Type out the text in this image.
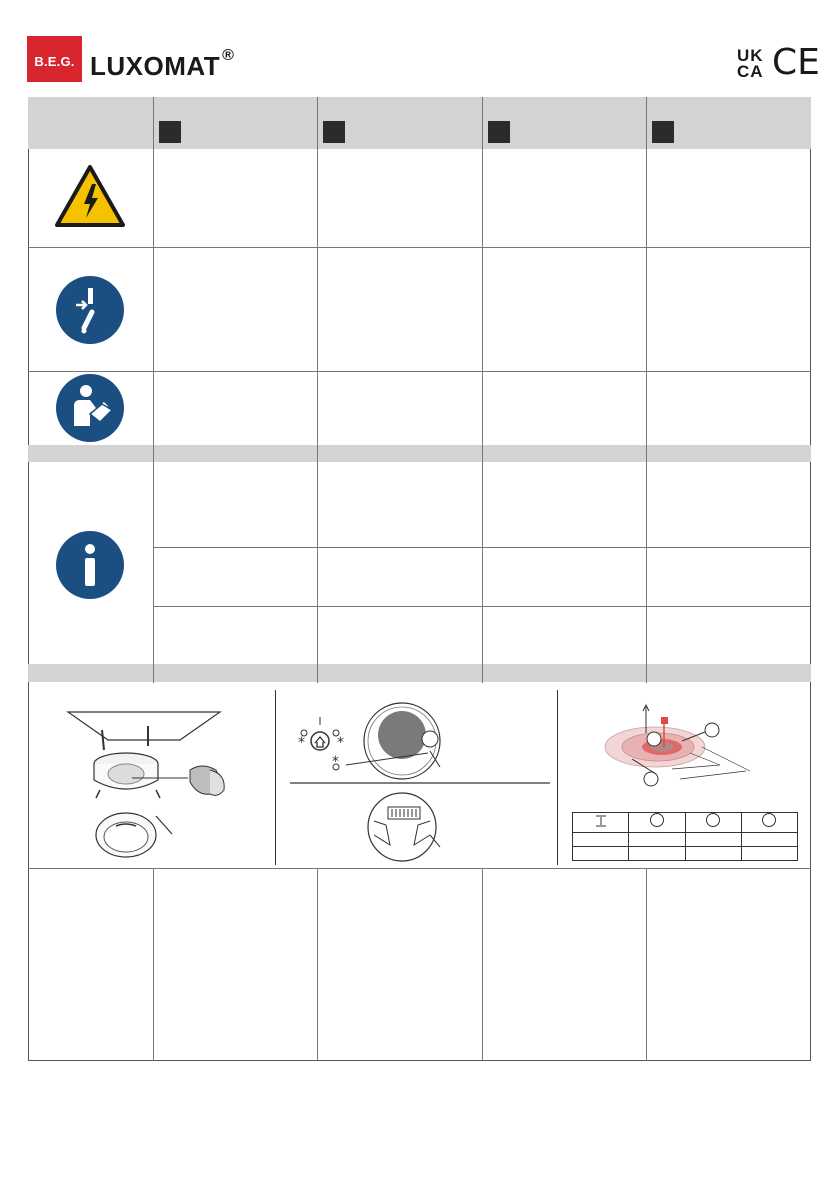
B.E.G. LUXOMAT ®	UK
CA CE
* *
*
